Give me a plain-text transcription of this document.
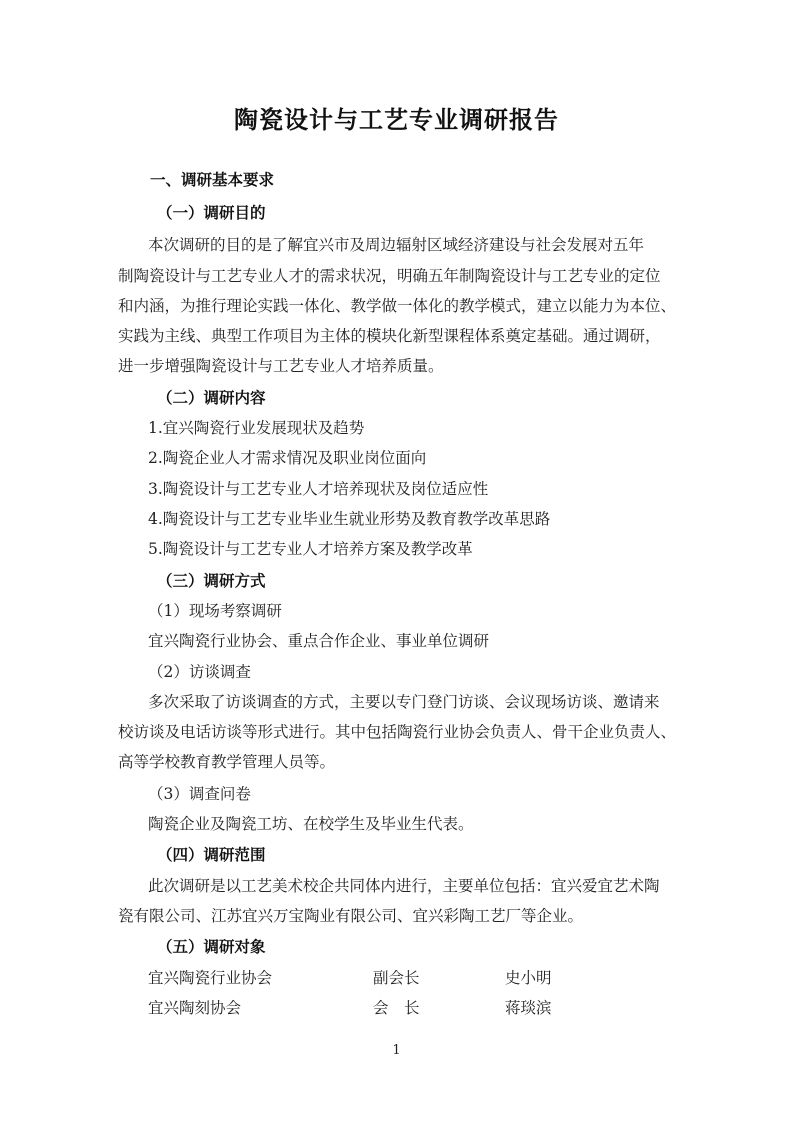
陶瓷设计与工艺专业调研报告
一、调研基本要求
（一）调研目的
本次调研的目的是了解宜兴市及周边辐射区域经济建设与社会发展对五年
制陶瓷设计与工艺专业人才的需求状况，明确五年制陶瓷设计与工艺专业的定位
和内涵，为推行理论实践一体化、教学做一体化的教学模式，建立以能力为本位、
实践为主线、典型工作项目为主体的模块化新型课程体系奠定基础。通过调研，
进一步增强陶瓷设计与工艺专业人才培养质量。
（二）调研内容
1.宜兴陶瓷行业发展现状及趋势
2.陶瓷企业人才需求情况及职业岗位面向
3.陶瓷设计与工艺专业人才培养现状及岗位适应性
4.陶瓷设计与工艺专业毕业生就业形势及教育教学改革思路
5.陶瓷设计与工艺专业人才培养方案及教学改革
（三）调研方式
（1）现场考察调研
宜兴陶瓷行业协会、重点合作企业、事业单位调研
（2）访谈调查
多次采取了访谈调查的方式，主要以专门登门访谈、会议现场访谈、邀请来
校访谈及电话访谈等形式进行。其中包括陶瓷行业协会负责人、骨干企业负责人、
高等学校教育教学管理人员等。
（3）调查问卷
陶瓷企业及陶瓷工坊、在校学生及毕业生代表。
（四）调研范围
此次调研是以工艺美术校企共同体内进行，主要单位包括：宜兴爱宜艺术陶
瓷有限公司、江苏宜兴万宝陶业有限公司、宜兴彩陶工艺厂等企业。
（五）调研对象
宜兴陶瓷行业协会	副会长	史小明
宜兴陶刻协会	会　长	蒋琰滨
1
